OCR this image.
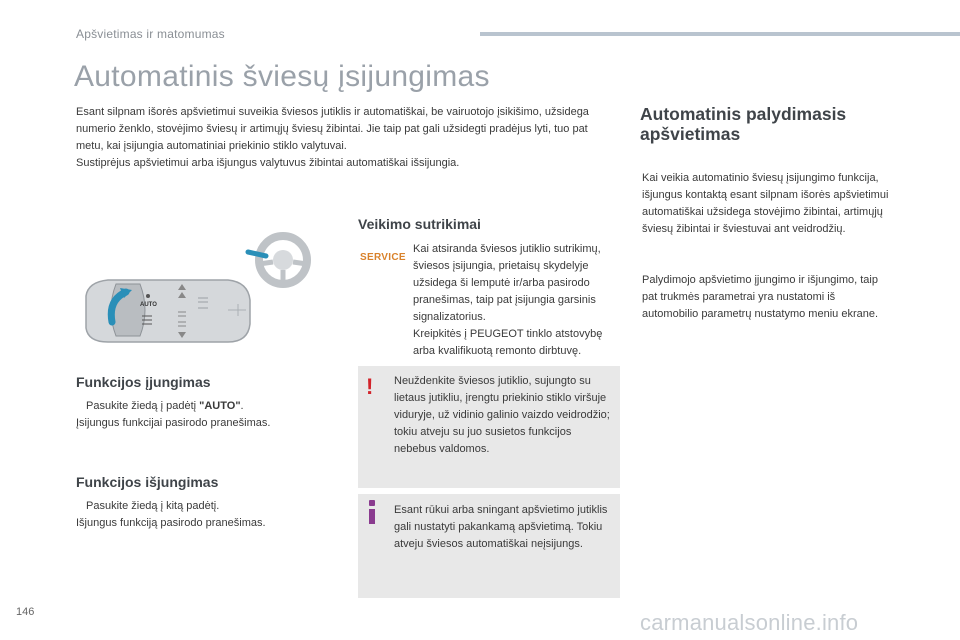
Apšvietimas ir matomumas
Automatinis šviesų įsijungimas

Esant silpnam išorės apšvietimui suveikia šviesos jutiklis ir automatiškai, be vairuotojo įsikišimo, užsidega numerio ženklo, stovėjimo šviesų ir artimųjų šviesų žibintai. Jie taip pat gali užsidegti pradėjus lyti, tuo pat metu, kai įsijungia automatiniai priekinio stiklo valytuvai.

Sustiprėjus apšvietimui arba išjungus valytuvus žibintai automatiškai išsijungia.

Automatinis palydimasis apšvietimas
Kai veikia automatinio šviesų įsijungimo funkcija, išjungus kontaktą esant silpnam išorės apšvietimui automatiškai užsidega stovėjimo žibintai, artimųjų šviesų žibintai ir šviestuvai ant veidrodžių.
Palydimojo apšvietimo įjungimo ir išjungimo, taip pat trukmės parametrai yra nustatomi iš automobilio parametrų nustatymo meniu ekrane.
AUTO
Veikimo sutrikimai
SERVICE
Kai atsiranda šviesos jutiklio sutrikimų, šviesos įsijungia, prietaisų skydelyje užsidega ši lemputė ir/arba pasirodo pranešimas, taip pat įsijungia garsinis signalizatorius.
Kreipkitės į PEUGEOT tinklo atstovybę arba kvalifikuotą remonto dirbtuvę.
Funkcijos įjungimas
Pasukite žiedą į padėtį "AUTO".
Įsijungus funkcijai pasirodo pranešimas.
Funkcijos išjungimas
Pasukite žiedą į kitą padėtį.
Išjungus funkciją pasirodo pranešimas.
! Neuždenkite šviesos jutiklio, sujungto su lietaus jutikliu, įrengtu priekinio stiklo viršuje viduryje, už vidinio galinio vaizdo veidrodžio; tokiu atveju su juo susietos funkcijos nebebus valdomos.
Esant rūkui arba sningant apšvietimo jutiklis gali nustatyti pakankamą apšvietimą. Tokiu atveju šviesos automatiškai neįsijungs.
146	carmanualsonline.info
